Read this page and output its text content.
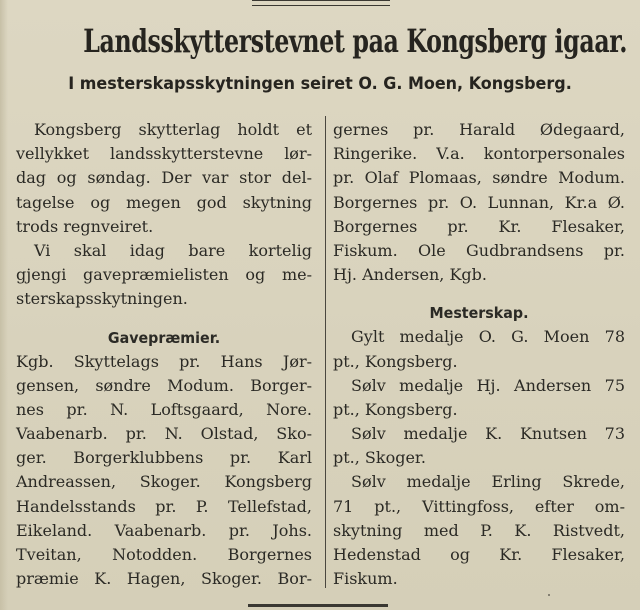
Landsskytterstevnet paa Kongsberg igaar.
I mesterskapsskytningen seiret O. G. Moen, Kongsberg.
Kongsberg skytterlag holdt et
vellykket landsskytterstevne lør-
dag og søndag. Der var stor del-
tagelse og megen god skytning
trods regnveiret.
Vi skal idag bare kortelig
gjengi gavepræmielisten og me-
sterskapsskytningen.
Gavepræmier.
Kgb. Skyttelags pr. Hans Jør-
gensen, søndre Modum. Borger-
nes pr. N. Loftsgaard, Nore.
Vaabenarb. pr. N. Olstad, Sko-
ger. Borgerklubbens pr. Karl
Andreassen, Skoger. Kongsberg
Handelsstands pr. P. Tellefstad,
Eikeland. Vaabenarb. pr. Johs.
Tveitan, Notodden. Borgernes
præmie K. Hagen, Skoger. Bor-
gernes pr. Harald Ødegaard,
Ringerike. V.a. kontorpersonales
pr. Olaf Plomaas, søndre Modum.
Borgernes pr. O. Lunnan, Kr.a Ø.
Borgernes pr. Kr. Flesaker,
Fiskum. Ole Gudbrandsens pr.
Hj. Andersen, Kgb.
Mesterskap.
Gylt medalje O. G. Moen 78
pt., Kongsberg.
Sølv medalje Hj. Andersen 75
pt., Kongsberg.
Sølv medalje K. Knutsen 73
pt., Skoger.
Sølv medalje Erling Skrede,
71 pt., Vittingfoss, efter om-
skytning med P. K. Ristvedt,
Hedenstad og Kr. Flesaker,
Fiskum.
